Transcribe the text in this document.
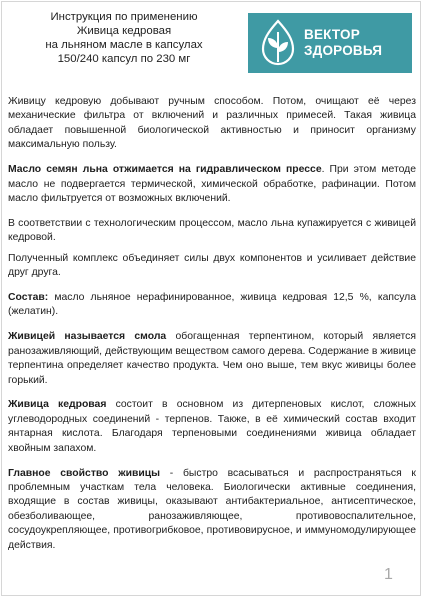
Инструкция по применению
Живица кедровая
на льняном масле в капсулах
150/240 капсул по 230 мг
ВЕКТОР
ЗДОРОВЬЯ

Живицу кедровую добывают ручным способом. Потом, очищают её через механические фильтра от включений и различных примесей. Такая живица обладает повышенной биологической активностью и приносит организму максимальную пользу.

Масло семян льна отжимается на гидравлическом прессе. При этом методе масло не подвергается термической, химической обработке, рафинации. Потом масло фильтруется от возможных включений.

В соответствии с технологическим процессом, масло льна купажируется с живицей кедровой.

Полученный комплекс объединяет силы двух компонентов и усиливает действие друг друга.

Состав: масло льняное нерафинированное, живица кедровая 12,5 %, капсула (желатин).

Живицей называется смола обогащенная терпентином, который является ранозаживляющий, действующим веществом самого дерева. Содержание в живице терпентина определяет качество продукта. Чем оно выше, тем вкус живицы более горький.

Живица кедровая состоит в основном из дитерпеновых кислот, сложных углеводородных соединений - терпенов. Также, в её химический состав входит янтарная кислота. Благодаря терпеновыми соединениями живица обладает хвойным запахом.

Главное свойство живицы - быстро всасываться и распространяться к проблемным участкам тела человека. Биологически активные соединения, входящие в состав живицы, оказывают антибактериальное, антисептическое, обезболивающее, ранозаживляющее, противовоспалительное, сосудоукрепляющее, противогрибковое, противовирусное, и иммуномодулирующее действия.

1
